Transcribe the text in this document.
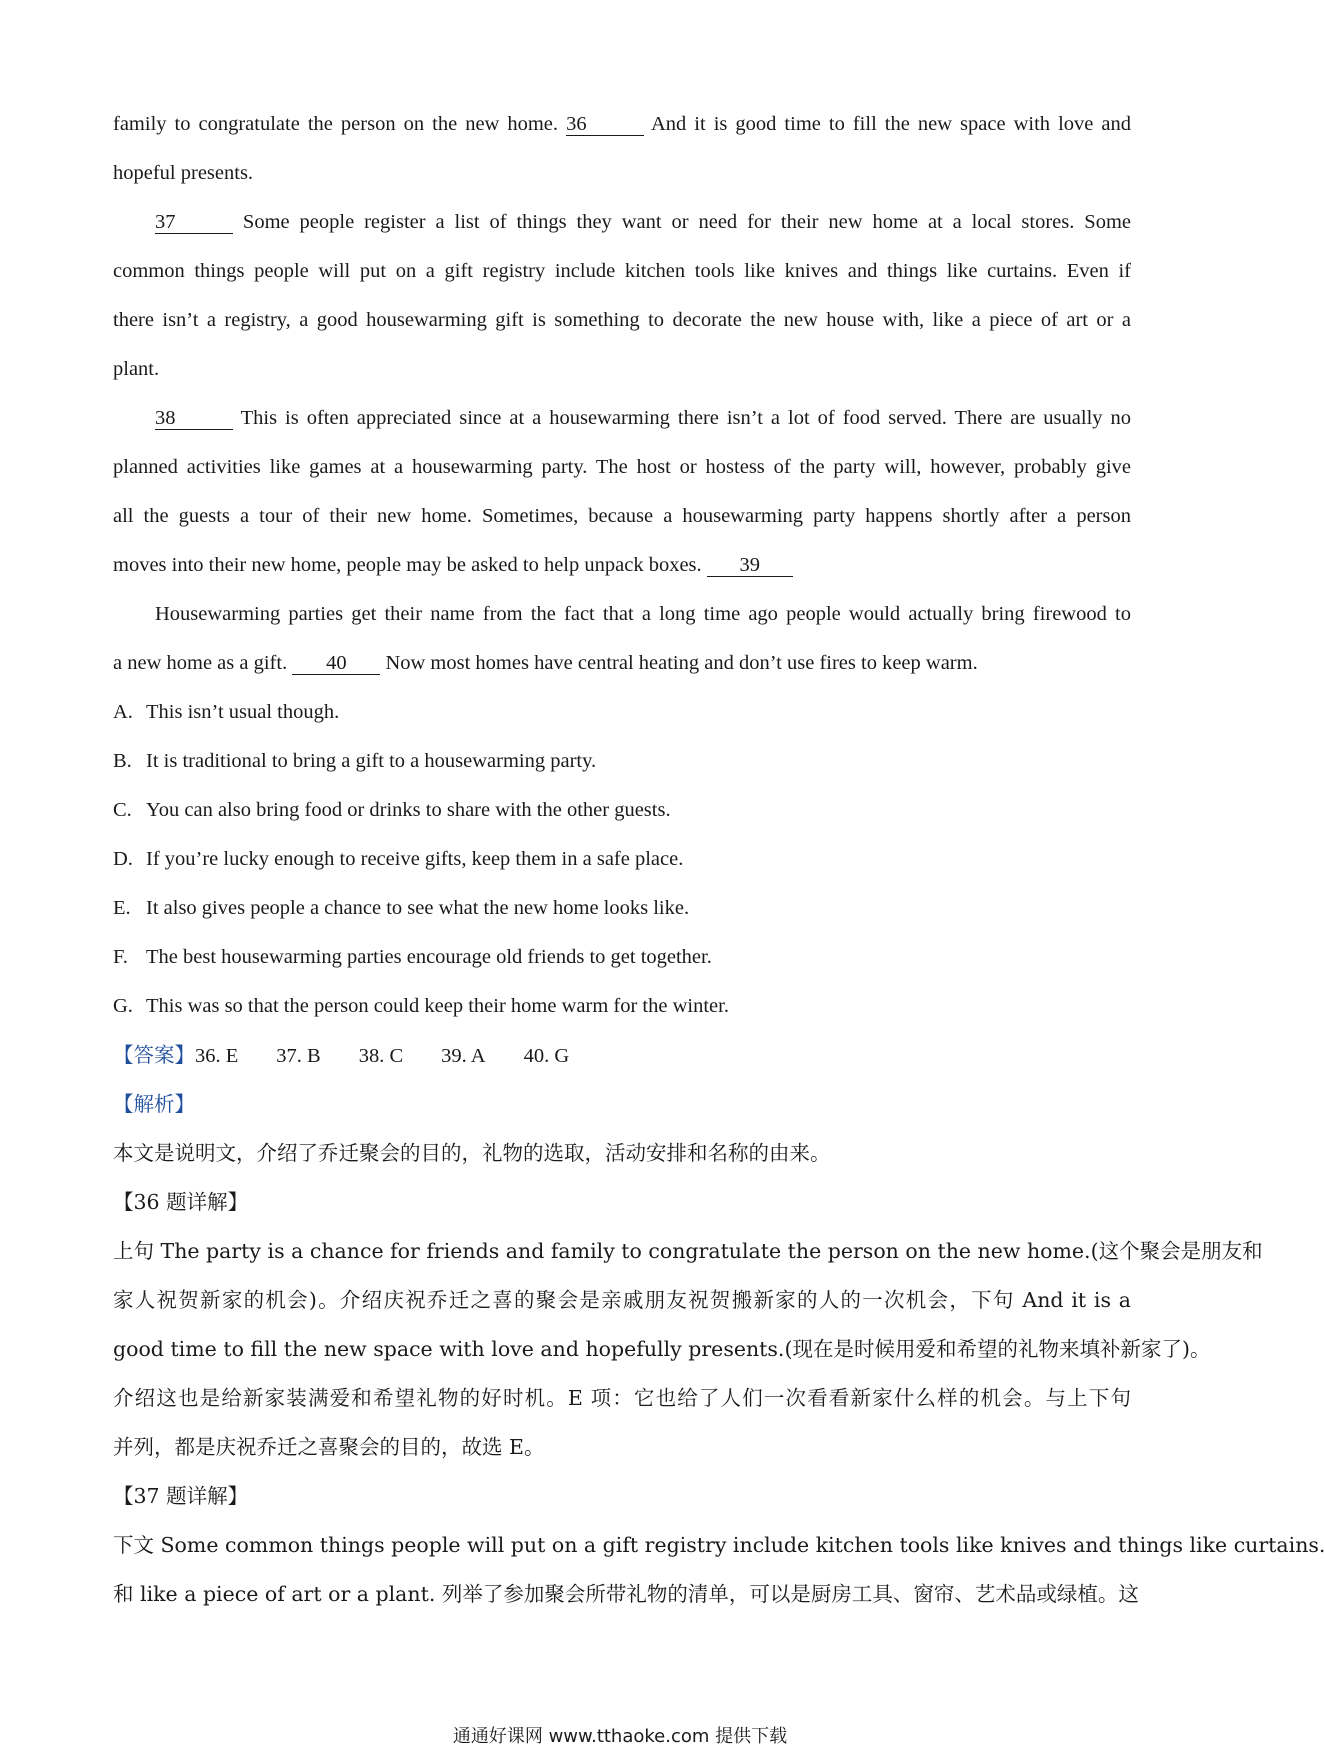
family to congratulate the person on the new home. 36	And it is good time to fill the new space with love and
hopeful presents.
37	Some people register a list of things they want or need for their new home at a local stores. Some
common things people will put on a gift registry include kitchen tools like knives and things like curtains. Even if
there isn’t a registry, a good housewarming gift is something to decorate the new house with, like a piece of art or a
plant.
38	This is often appreciated since at a housewarming there isn’t a lot of food served. There are usually no
planned activities like games at a housewarming party. The host or hostess of the party will, however, probably give
all the guests a tour of their new home. Sometimes, because a housewarming party happens shortly after a person
moves into their new home, people may be asked to help unpack boxes. 39
Housewarming parties get their name from the fact that a long time ago people would actually bring firewood to
a new home as a gift. 40 Now most homes have central heating and don’t use fires to keep warm.
A. This isn’t usual though.
B. It is traditional to bring a gift to a housewarming party.
C. You can also bring food or drinks to share with the other guests.
D. If you’re lucky enough to receive gifts, keep them in a safe place.
E. It also gives people a chance to see what the new home looks like.
F. The best housewarming parties encourage old friends to get together.
G. This was so that the person could keep their home warm for the winter.
【答案】36. E 37. B 38. C 39. A 40. G
【解析】
本文是说明文，介绍了乔迁聚会的目的，礼物的选取，活动安排和名称的由来。
【36 题详解】
上句 The party is a chance for friends and family to congratulate the person on the new home.(这个聚会是朋友和
家人祝贺新家的机会)。介绍庆祝乔迁之喜的聚会是亲戚朋友祝贺搬新家的人的一次机会，下句 And it is a
good time to fill the new space with love and hopefully presents.(现在是时候用爱和希望的礼物来填补新家了)。
介绍这也是给新家装满爱和希望礼物的好时机。E 项：它也给了人们一次看看新家什么样的机会。与上下句
并列，都是庆祝乔迁之喜聚会的目的，故选 E。
【37 题详解】
下文 Some common things people will put on a gift registry include kitchen tools like knives and things like curtains.
和 like a piece of art or a plant. 列举了参加聚会所带礼物的清单，可以是厨房工具、窗帘、艺术品或绿植。这
通通好课网 www.tthaoke.com 提供下载
